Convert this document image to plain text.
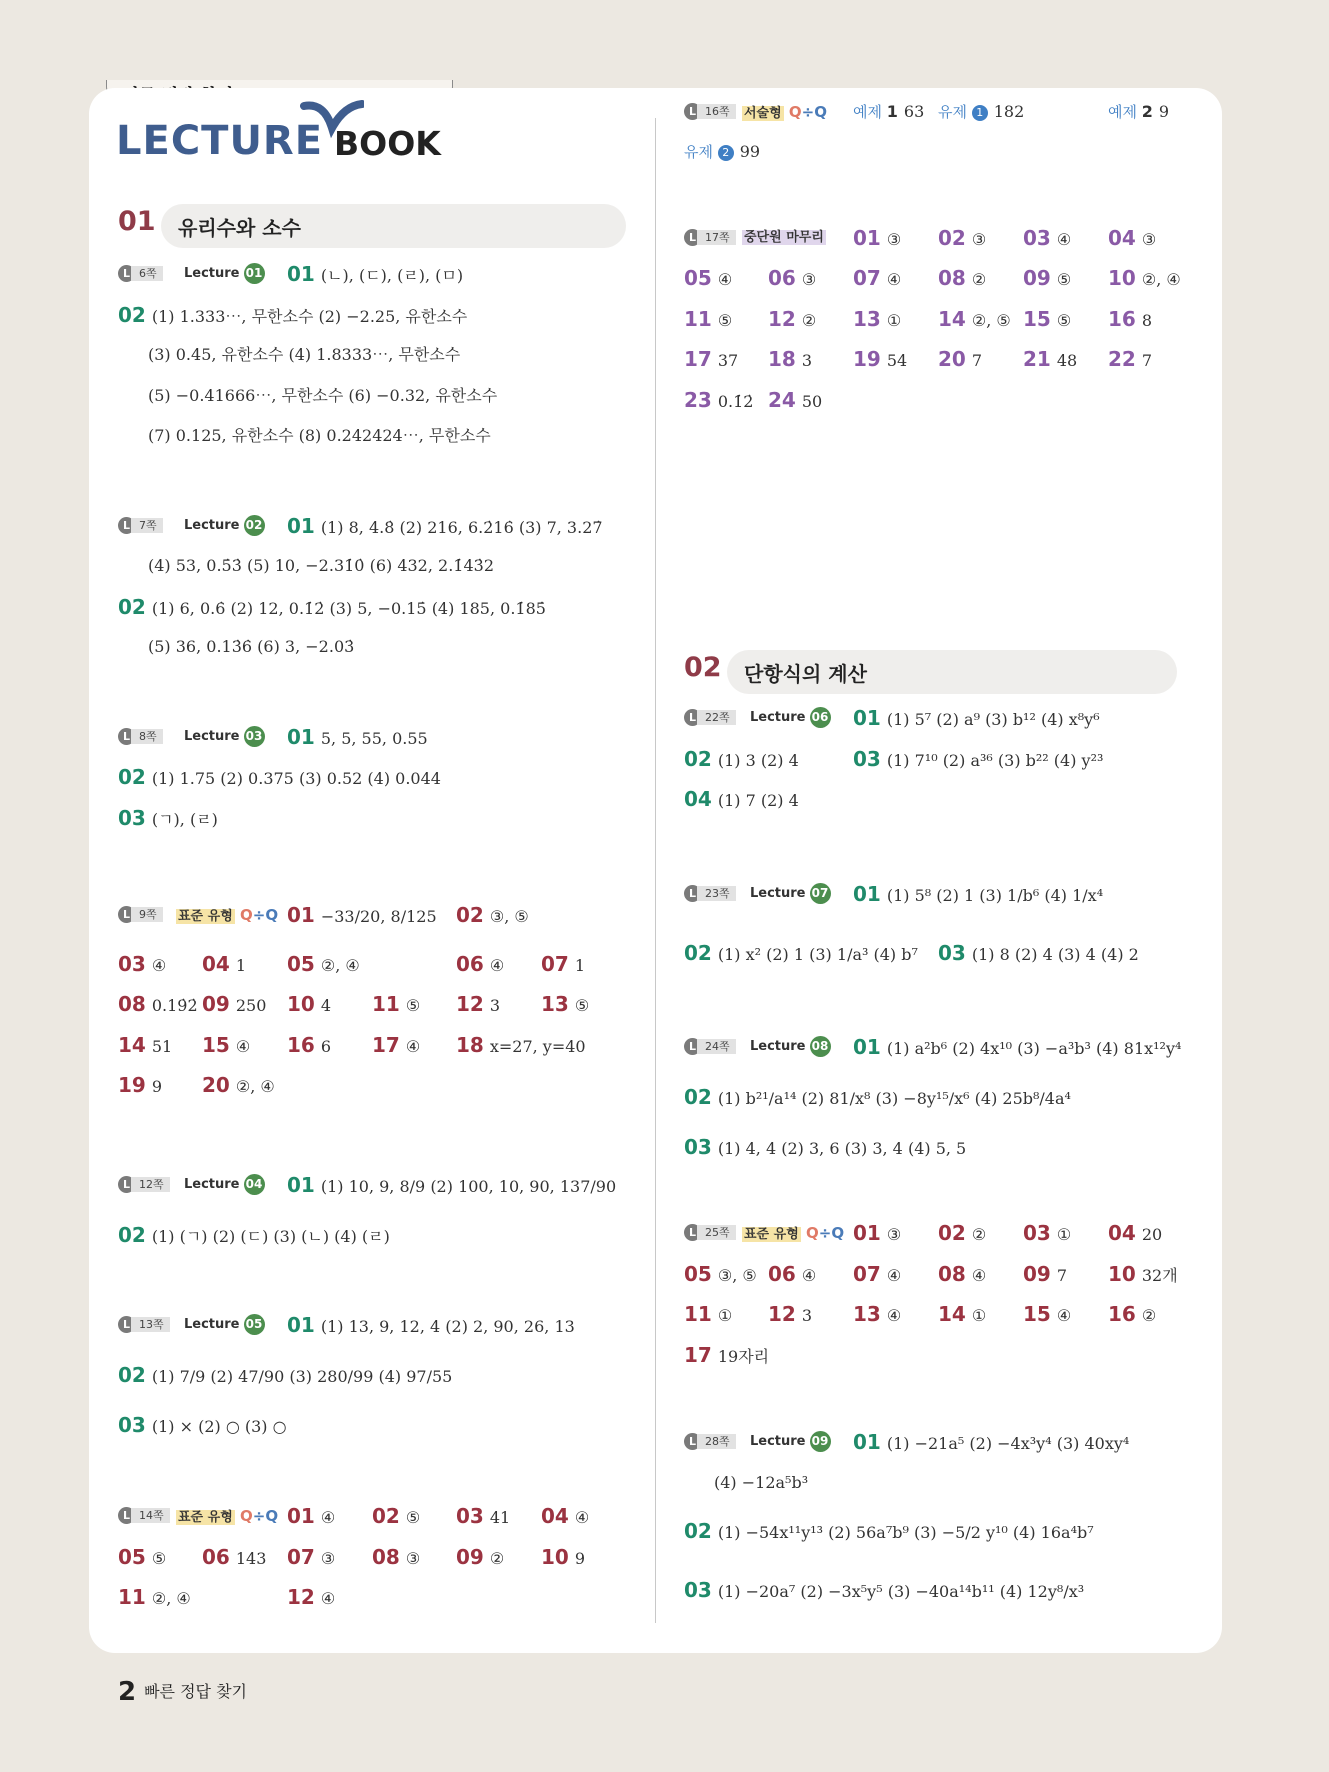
LECTURE BOOK
01 유리수와 소수
02 단항식의 계산
L 6쪽	Lecture 01 01 (ㄴ), (ㄷ), (ㄹ), (ㅁ)
02 (1) 1.333⋯, 무한소수 (2) −2.25, 유한소수
(3) 0.45, 유한소수 (4) 1.8333⋯, 무한소수
(5) −0.41666⋯, 무한소수 (6) −0.32, 유한소수
(7) 0.125, 유한소수 (8) 0.242424⋯, 무한소수
L 7쪽	Lecture 02 01 (1) 8, 4.8̇ (2) 216, 6.2̇16̇ (3) 7, 3.27̇
(4) 53, 0.5̇3̇ (5) 10, −2.31̇0̇ (6) 432, 2.1̇43̇2
02 (1) 6, 0.6̇ (2) 12, 0.1̇2̇ (3) 5, −0.15̇ (4) 185, 0.1̇85̇
(5) 36, 0.13̇6̇ (6) 3, −2.03̇
L 8쪽	Lecture 03 01 5, 5, 55, 0.55
02 (1) 1.75 (2) 0.375 (3) 0.52 (4) 0.044
03 (ㄱ), (ㄹ)
L 9쪽	표준 유형 Q÷Q 01 −33/20, 8/125 02 ③, ⑤
03 ④ 04 1 05 ②, ④	06 ④ 07 1
08 0.19̇2̇ 09 250 10 4 11 ⑤ 12 3 13 ⑤
14 51 15 ④ 16 6 17 ④ 18 x=27, y=40
19 9 20 ②, ④
L 12쪽	Lecture 04 01 (1) 10, 9, 8/9 (2) 100, 10, 90, 137/90
02 (1) (ㄱ) (2) (ㄷ) (3) (ㄴ) (4) (ㄹ)
L 13쪽	Lecture 05 01 (1) 13, 9, 12, 4 (2) 2, 90, 26, 13
02 (1) 7/9 (2) 47/90 (3) 280/99 (4) 97/55
03 (1) × (2) ○ (3) ○
L 14쪽	표준 유형 Q÷Q 01 ④ 02 ⑤ 03 41 04 ④
05 ⑤ 06 143 07 ③ 08 ③ 09 ② 10 9
11 ②, ④	12 ④
L 16쪽	서술형 Q÷Q 예제 1 63 유제 1 182	예제 2 9
유제 2 99
L 17쪽	중단원 마무리 01 ③ 02 ③ 03 ④ 04 ③
05 ④ 06 ③ 07 ④ 08 ② 09 ⑤ 10 ②, ④
11 ⑤ 12 ② 13 ① 14 ②, ⑤ 15 ⑤ 16 8
17 37 18 3 19 54 20 7 21 48 22 7
23 0.1̇2̇ 24 50
L 22쪽	Lecture 06 01 (1) 5⁷ (2) a⁹ (3) b¹² (4) x⁸y⁶
02 (1) 3 (2) 4	03 (1) 7¹⁰ (2) a³⁶ (3) b²² (4) y²³
04 (1) 7 (2) 4
L 23쪽	Lecture 07 01 (1) 5⁸ (2) 1 (3) 1/b⁶ (4) 1/x⁴
02 (1) x² (2) 1 (3) 1/a³ (4) b⁷ 03 (1) 8 (2) 4 (3) 4 (4) 2
L 24쪽	Lecture 08 01 (1) a²b⁶ (2) 4x¹⁰ (3) −a³b³ (4) 81x¹²y⁴
02 (1) b²¹/a¹⁴ (2) 81/x⁸ (3) −8y¹⁵/x⁶ (4) 25b⁸/4a⁴
03 (1) 4, 4 (2) 3, 6 (3) 3, 4 (4) 5, 5
L 25쪽	표준 유형 Q÷Q 01 ③ 02 ② 03 ① 04 20
05 ③, ⑤ 06 ④ 07 ④ 08 ④ 09 7 10 32개
11 ① 12 3 13 ④ 14 ① 15 ④ 16 ②
17 19자리
L 28쪽	Lecture 09 01 (1) −21a⁵ (2) −4x³y⁴ (3) 40xy⁴
(4) −12a⁵b³
02 (1) −54x¹¹y¹³ (2) 56a⁷b⁹ (3) −5/2 y¹⁰ (4) 16a⁴b⁷
03 (1) −20a⁷ (2) −3x⁵y⁵ (3) −40a¹⁴b¹¹ (4) 12y⁸/x³
2 빠른 정답 찾기
